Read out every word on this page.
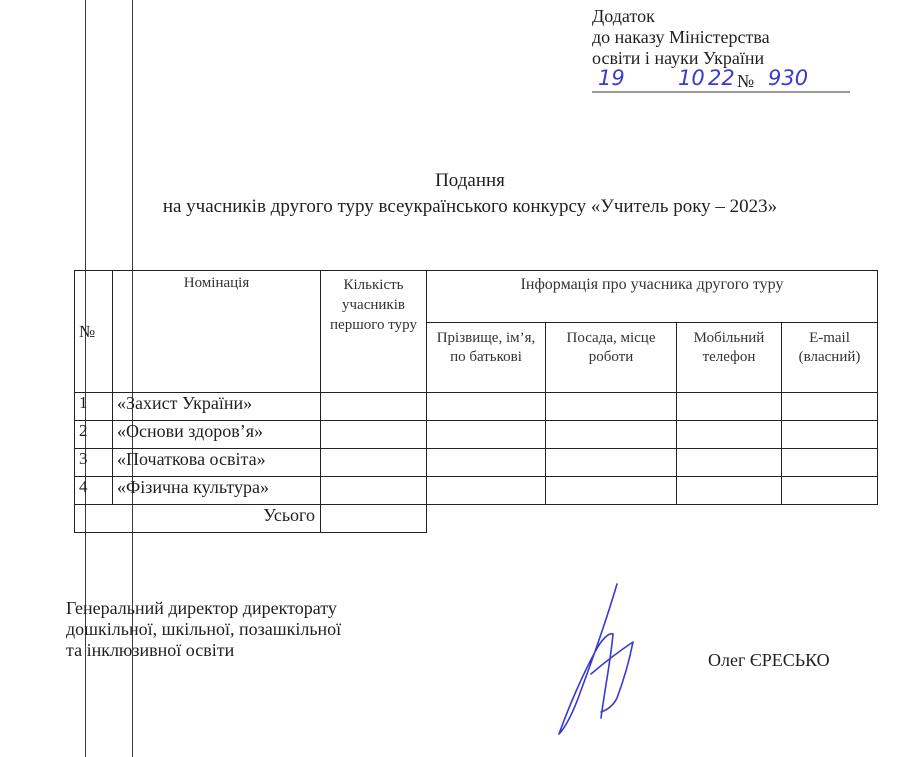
Додаток
до наказу Міністерства
освіти і науки України
19	10 22 № 930
Подання
на учасників другого туру всеукраїнського конкурсу «Учитель року – 2023»
№	Номінація	Кількість учасників першого туру	Інформація про учасника другого туру			
			Прізвище, ім’я, по батькові	Посада, місце роботи	Мобільний телефон	E-mail (власний)
1	«Захист України»					
2	«Основи здоров’я»					
3	«Початкова освіта»					
4	«Фізична культура»					
Усього						
Генеральний директор директорату
дошкільної, шкільної, позашкільної
та інклюзивної освіти	Олег ЄРЕСЬКО
